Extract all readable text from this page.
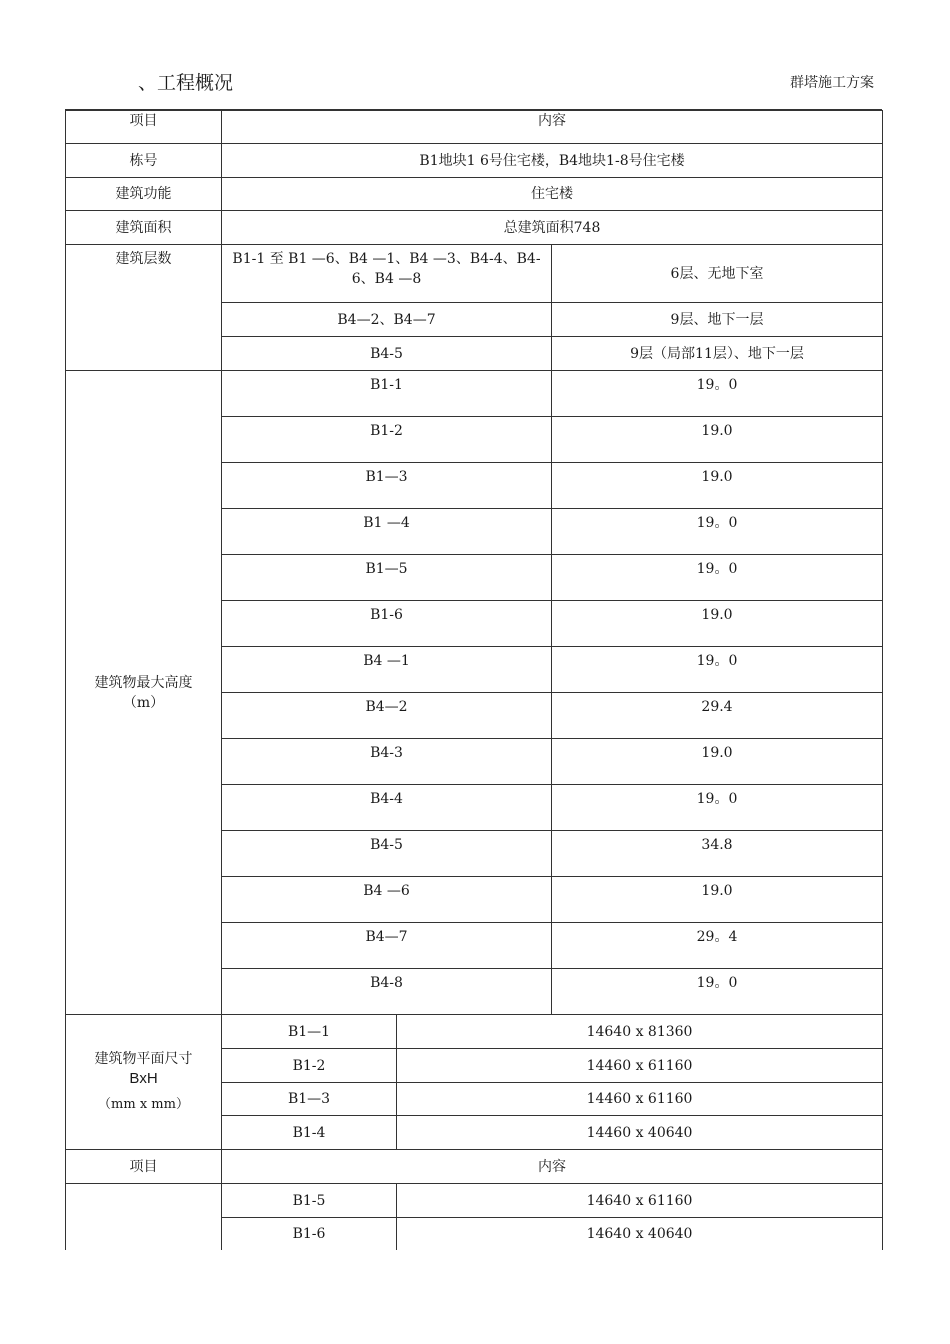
、工程概况	群塔施工方案
项目	内容		
栋号	B1地块1 6号住宅楼，B4地块1-8号住宅楼		
建筑功能	住宅楼		
建筑面积	总建筑面积748		
建筑层数	B1-1 至 B1 —6、B4 —1、B4 —3、B4-4、B4-6、B4 —8		6层、无地下室
	B4—2、B4—7		9层、地下一层
	B4-5		9层（局部11层）、地下一层

建筑物最大高度
（m）	B1-1		19。0
	B1-2		19.0
	B1—3		19.0
	B1 —4		19。0
	B1—5		19。0
	B1-6		19.0
	B4 —1		19。0
	B4—2		29.4
	B4-3		19.0
	B4-4		19。0
	B4-5		34.8
	B4 —6		19.0
	B4—7		29。4
	B4-8		19。0

建筑物平面尺寸
BxH
（mm x mm）	B1—1	14640 x 81360	
	B1-2	14460 x 61160	
	B1—3	14460 x 61160	
	B1-4	14460 x 40640	
项目	内容		
	B1-5	14640 x 61160	
	B1-6	14640 x 40640	
